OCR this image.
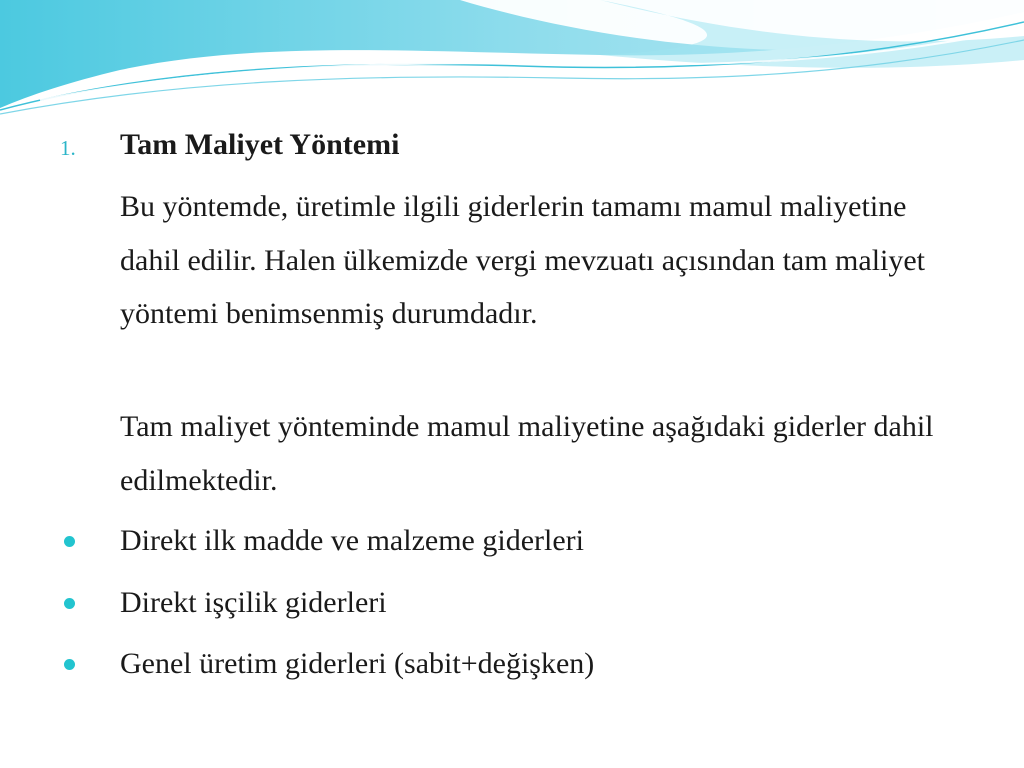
1. Tam Maliyet Yöntemi
Bu yöntemde, üretimle ilgili giderlerin tamamı mamul maliyetine dahil edilir. Halen ülkemizde vergi mevzuatı açısından tam maliyet yöntemi benimsenmiş durumdadır.
Tam maliyet yönteminde mamul maliyetine aşağıdaki giderler dahil edilmektedir.
Direkt ilk madde ve malzeme giderleri
Direkt işçilik giderleri
Genel üretim giderleri (sabit+değişken)
